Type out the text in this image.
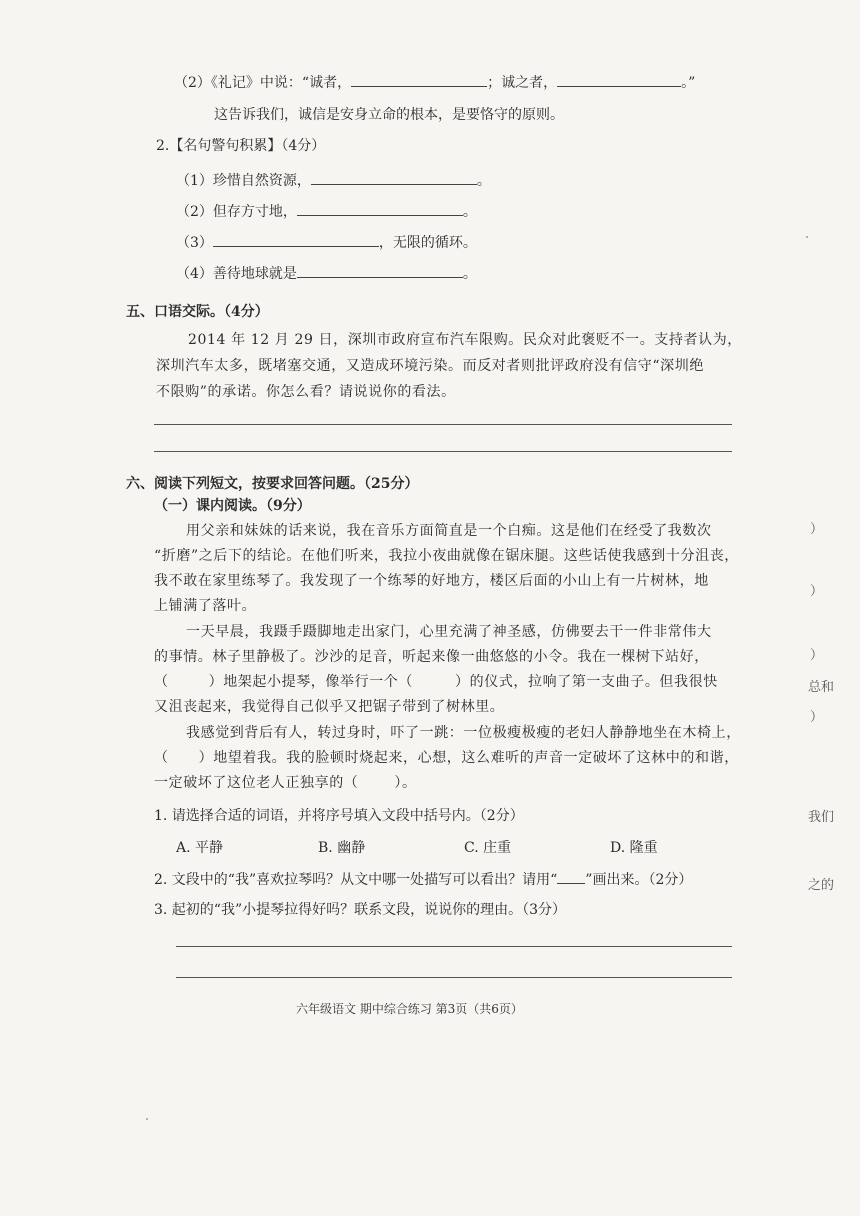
（2）《礼记》中说：“诚者，	；诚之者，	。”
这告诉我们，诚信是安身立命的根本，是要恪守的原则。
2.【名句警句积累】（4分）
（1）珍惜自然资源，	。
（2）但存方寸地，	。
（3）	，无限的循环。
（4）善待地球就是	。
五、口语交际。（4分）
2014 年 12 月 29 日，深圳市政府宣布汽车限购。民众对此褒贬不一。支持者认为，
深圳汽车太多，既堵塞交通，又造成环境污染。而反对者则批评政府没有信守“深圳绝
不限购”的承诺。你怎么看？请说说你的看法。
六、阅读下列短文，按要求回答问题。（25分）
（一）课内阅读。（9分）
用父亲和妹妹的话来说，我在音乐方面简直是一个白痴。这是他们在经受了我数次
“折磨”之后下的结论。在他们听来，我拉小夜曲就像在锯床腿。这些话使我感到十分沮丧，
我不敢在家里练琴了。我发现了一个练琴的好地方，楼区后面的小山上有一片树林，地
上铺满了落叶。
一天早晨，我蹑手蹑脚地走出家门，心里充满了神圣感，仿佛要去干一件非常伟大
的事情。林子里静极了。沙沙的足音，听起来像一曲悠悠的小令。我在一棵树下站好，
（	）地架起小提琴，像举行一个（	）的仪式，拉响了第一支曲子。但我很快
又沮丧起来，我觉得自己似乎又把锯子带到了树林里。
我感觉到背后有人，转过身时，吓了一跳：一位极瘦极瘦的老妇人静静地坐在木椅上，
（ ）地望着我。我的脸顿时烧起来，心想，这么难听的声音一定破坏了这林中的和谐，
一定破坏了这位老人正独享的（	）。
1. 请选择合适的词语，并将序号填入文段中括号内。（2分）
A. 平静	B. 幽静	C. 庄重	D. 隆重
2. 文段中的“我”喜欢拉琴吗？从文中哪一处描写可以看出？请用“ ”画出来。（2分）
3. 起初的“我”小提琴拉得好吗？联系文段，说说你的理由。（3分）
）
）
）
总和
）
我们
之的
六年级语文 期中综合练习 第3页（共6页）
